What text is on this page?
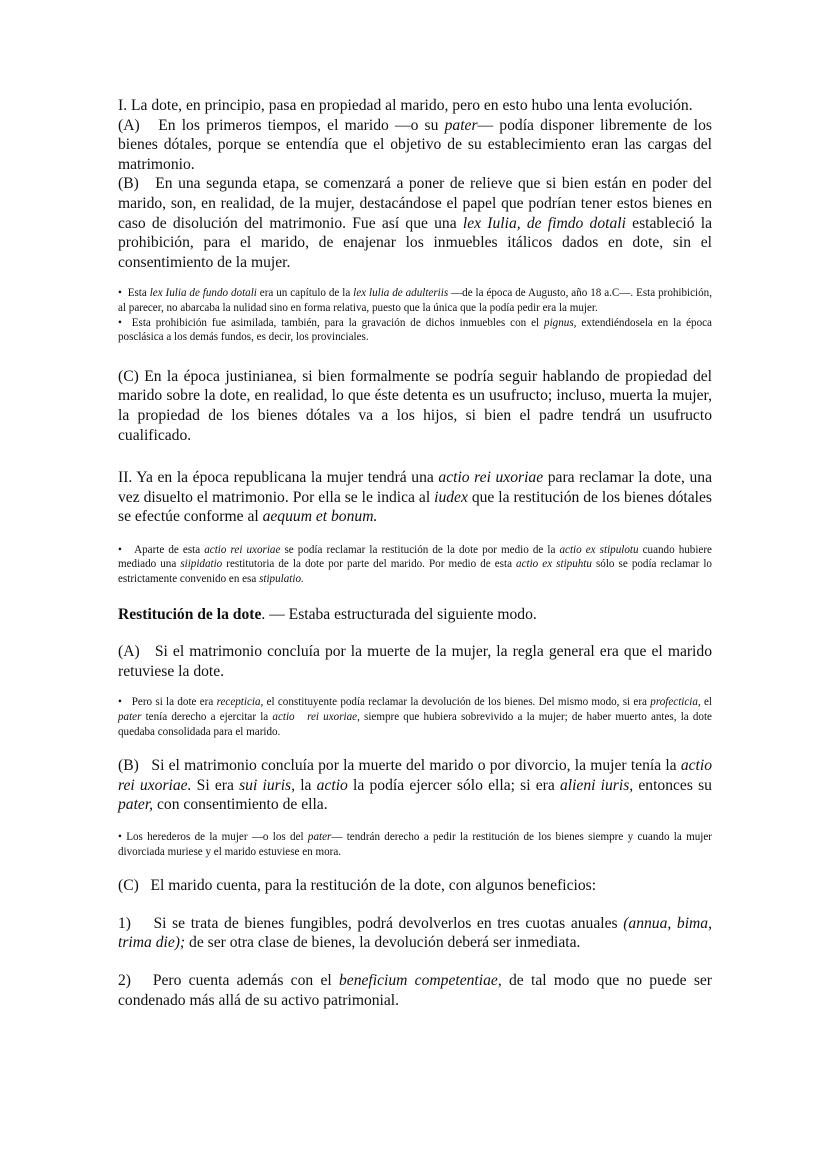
I. La dote, en principio, pasa en propiedad al marido, pero en esto hubo una lenta evolución.

(A)   En los primeros tiempos, el marido —o su pater— podía disponer libremente de los bienes dótales, porque se entendía que el objetivo de su establecimiento eran las cargas del matrimonio.

(B)   En una segunda etapa, se comenzará a poner de relieve que si bien están en poder del marido, son, en realidad, de la mujer, destacándose el papel que podrían tener estos bienes en caso de disolución del matrimonio. Fue así que una lex Iulia, de fimdo dotali estableció la prohibición, para el marido, de enajenar los inmuebles itálicos dados en dote, sin el consentimiento de la mujer.

•  Esta lex Iulia de fundo dotali era un capítulo de la lex lulia de adulteriis —de la época de Augusto, año 18 a.C—. Esta prohibición, al parecer, no abarcaba la nulidad sino en forma relativa, puesto que la única que la podía pedir era la mujer.

•  Esta prohibición fue asimilada, también, para la gravación de dichos inmuebles con el pignus, extendiéndosela en la época posclásica a los demás fundos, es decir, los provinciales.

(C) En la época justinianea, si bien formalmente se podría seguir hablando de propiedad del marido sobre la dote, en realidad, lo que éste detenta es un usufructo; incluso, muerta la mujer, la propiedad de los bienes dótales va a los hijos, si bien el padre tendrá un usufructo cualificado.

II. Ya en la época republicana la mujer tendrá una actio rei uxoriae para reclamar la dote, una vez disuelto el matrimonio. Por ella se le indica al iudex que la restitución de los bienes dótales se efectúe conforme al aequum et bonum.

•   Aparte de esta actio rei uxoriae se podía reclamar la restitución de la dote por medio de la actio ex stipulotu cuando hubiere mediado una siipidatio restitutoria de la dote por parte del marido. Por medio de esta actio ex stipuhtu sólo se podía reclamar lo estrictamente convenido en esa stipulatio.

Restitución de la dote. — Estaba estructurada del siguiente modo.

(A)   Si el matrimonio concluía por la muerte de la mujer, la regla general era que el marido retuviese la dote.

•   Pero si la dote era recepticia, el constituyente podía reclamar la devolución de los bienes. Del mismo modo, si era profecticia, el pater tenía derecho a ejercitar la actio   rei uxoriae, siempre que hubiera sobrevivido a la mujer; de haber muerto antes, la dote quedaba consolidada para el marido.

(B)   Si el matrimonio concluía por la muerte del marido o por divorcio, la mujer tenía la actio rei uxoriae. Si era sui iuris, la actio la podía ejercer sólo ella; si era alieni iuris, entonces su pater, con consentimiento de ella.

• Los herederos de la mujer —o los del pater— tendrán derecho a pedir la restitución de los bienes siempre y cuando la mujer divorciada muriese y el marido estuviese en mora.

(C)   El marido cuenta, para la restitución de la dote, con algunos beneficios:

1)    Si se trata de bienes fungibles, podrá devolverlos en tres cuotas anuales (annua, bima, trima die); de ser otra clase de bienes, la devolución deberá ser inmediata.

2)   Pero cuenta además con el beneficium competentiae, de tal modo que no puede ser condenado más allá de su activo patrimonial.
